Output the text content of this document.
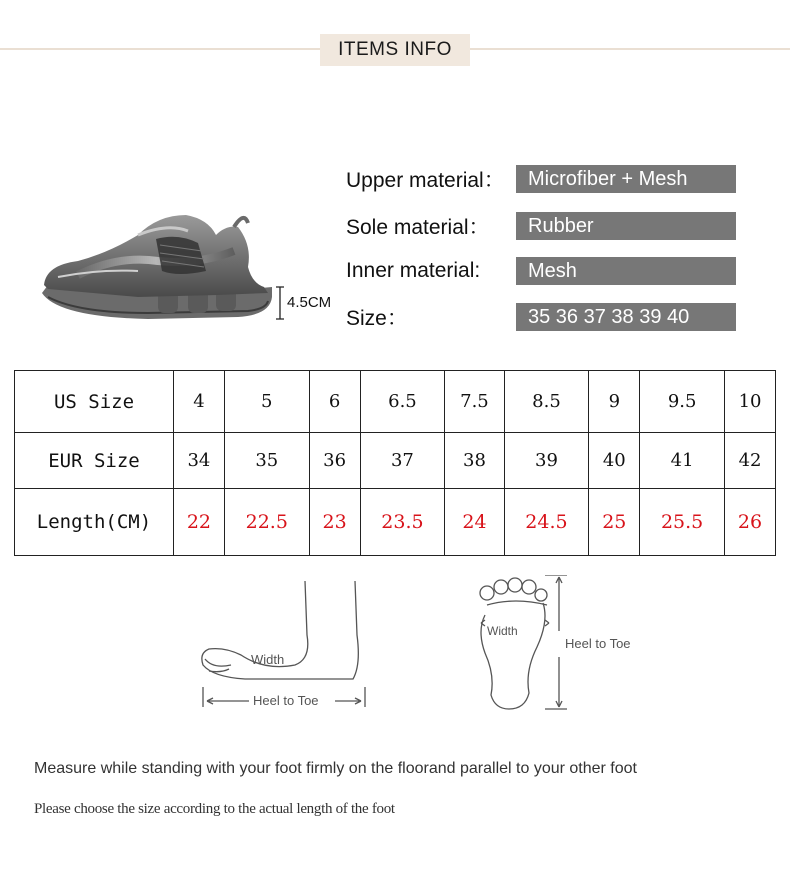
ITEMS INFO
4.5CM
Upper material：	Microfiber + Mesh
Sole material：	Rubber
Inner material:	Mesh
Size：	35 36 37 38 39 40
US Size	4	5	6	6.5	7.5	8.5	9	9.5	10
EUR Size	34	35	36	37	38	39	40	41	42
Length(CM)	22	22.5	23	23.5	24	24.5	25	25.5	26
Width
Heel to Toe
Width
Heel to Toe
Measure while standing with your foot firmly on the floorand parallel to your other foot
Please choose the size according to the actual length of the foot
